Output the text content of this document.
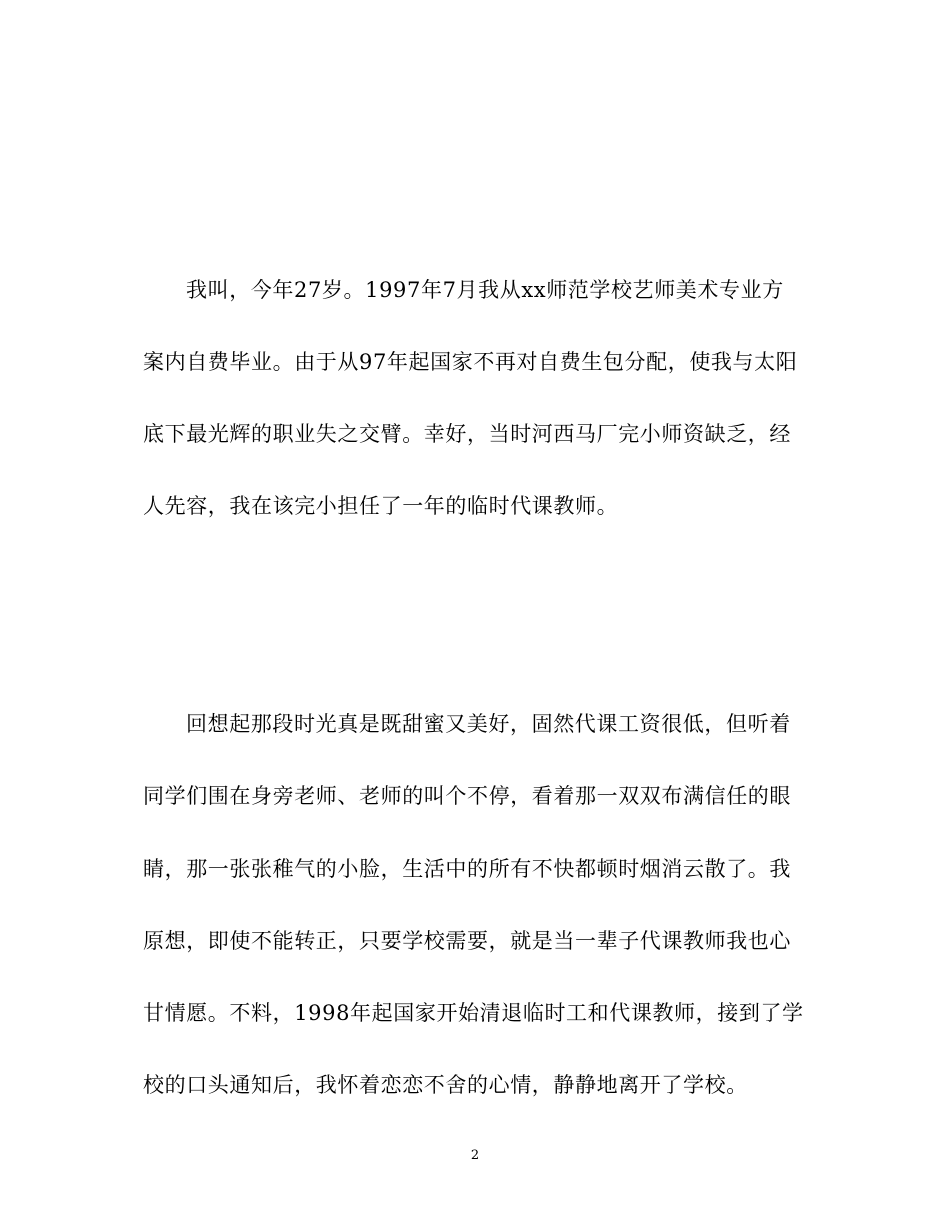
我叫，今年27岁。1997年7月我从xx师范学校艺师美术专业方
案内自费毕业。由于从97年起国家不再对自费生包分配，使我与太阳
底下最光辉的职业失之交臂。幸好，当时河西马厂完小师资缺乏，经
人先容，我在该完小担任了一年的临时代课教师。
回想起那段时光真是既甜蜜又美好，固然代课工资很低，但听着
同学们围在身旁老师、老师的叫个不停，看着那一双双布满信任的眼
睛，那一张张稚气的小脸，生活中的所有不快都顿时烟消云散了。我
原想，即使不能转正，只要学校需要，就是当一辈子代课教师我也心
甘情愿。不料，1998年起国家开始清退临时工和代课教师，接到了学
校的口头通知后，我怀着恋恋不舍的心情，静静地离开了学校。
2
